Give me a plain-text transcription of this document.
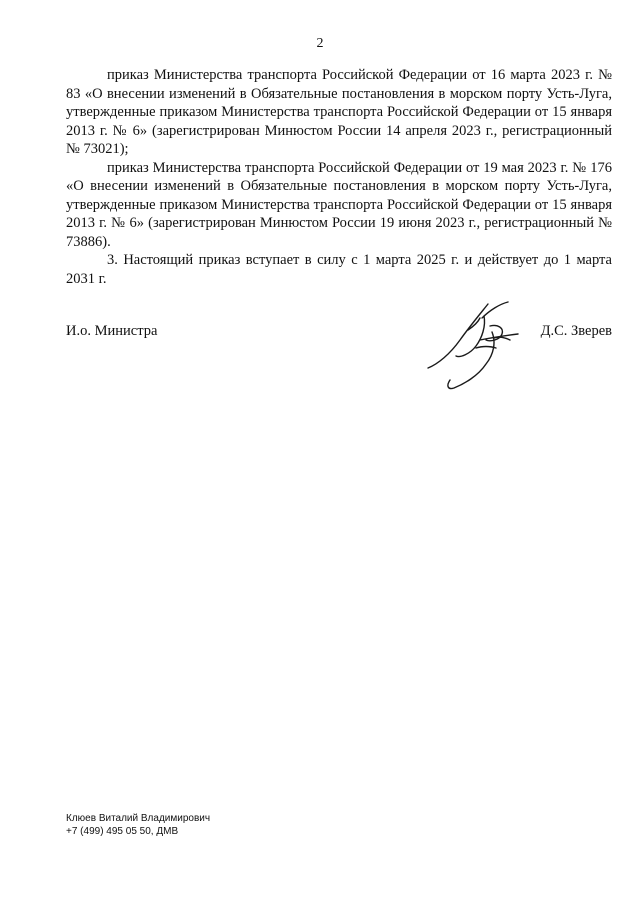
2

приказ Министерства транспорта Российской Федерации от 16 марта 2023 г. № 83 «О внесении изменений в Обязательные постановления в морском порту Усть-Луга, утвержденные приказом Министерства транспорта Российской Федерации от 15 января 2013 г. № 6» (зарегистрирован Минюстом России 14 апреля 2023 г., регистрационный № 73021);

приказ Министерства транспорта Российской Федерации от 19 мая 2023 г. № 176 «О внесении изменений в Обязательные постановления в морском порту Усть-Луга, утвержденные приказом Министерства транспорта Российской Федерации от 15 января 2013 г. № 6» (зарегистрирован Минюстом России 19 июня 2023 г., регистрационный № 73886).

3. Настоящий приказ вступает в силу с 1 марта 2025 г. и действует до 1 марта 2031 г.

И.о. Министра	Д.С. Зверев
Клюев Виталий Владимирович
+7 (499) 495 05 50, ДМВ
